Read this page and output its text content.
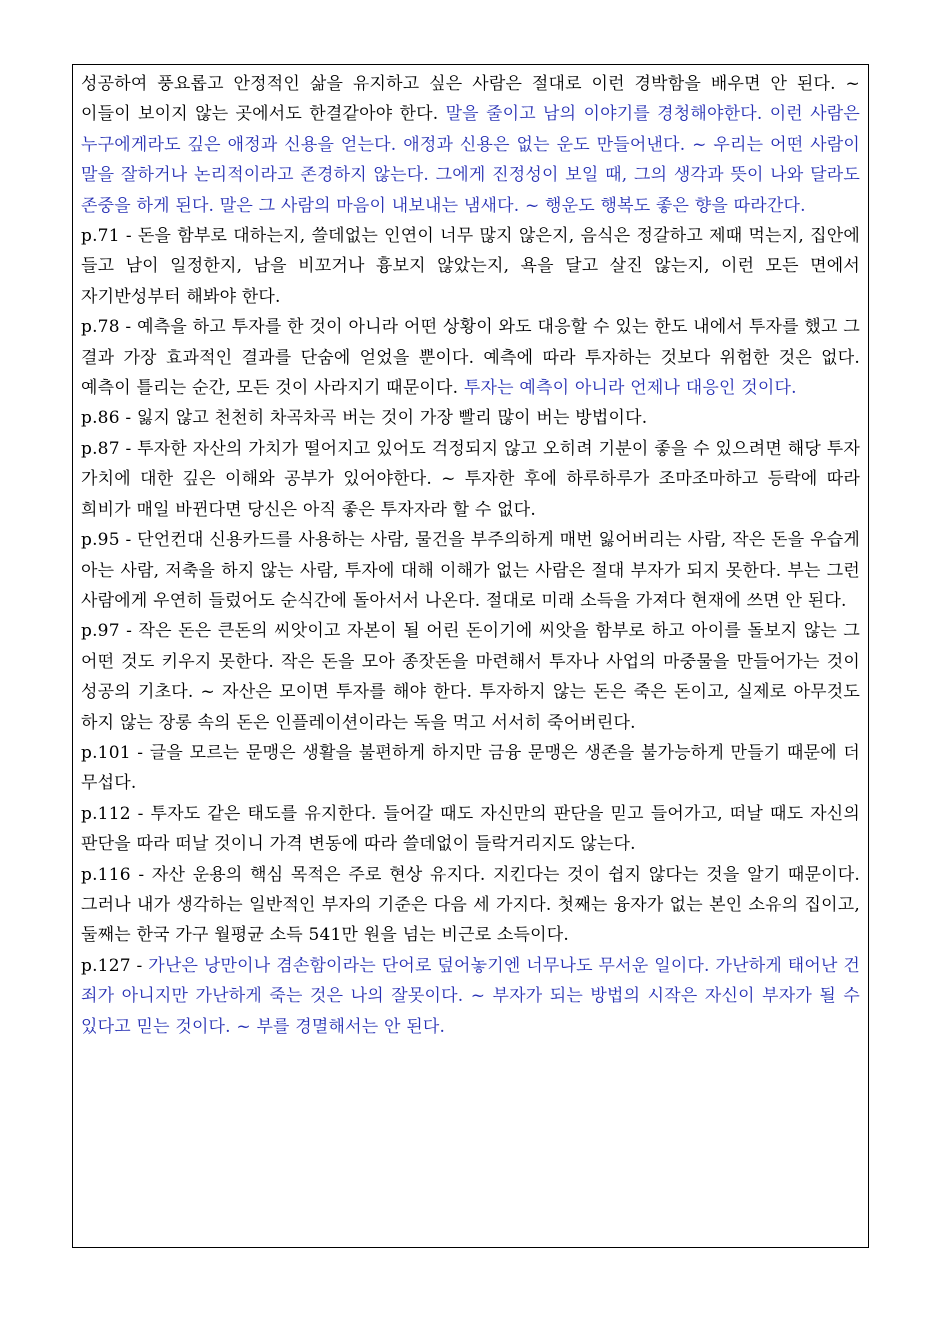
성공하여 풍요롭고 안정적인 삶을 유지하고 싶은 사람은 절대로 이런 경박함을 배우면 안 된다. ~ 이들이 보이지 않는 곳에서도 한결같아야 한다. 말을 줄이고 남의 이야기를 경청해야한다. 이런 사람은 누구에게라도 깊은 애정과 신용을 얻는다. 애정과 신용은 없는 운도 만들어낸다. ~ 우리는 어떤 사람이 말을 잘하거나 논리적이라고 존경하지 않는다. 그에게 진정성이 보일 때, 그의 생각과 뜻이 나와 달라도 존중을 하게 된다. 말은 그 사람의 마음이 내보내는 냄새다. ~ 행운도 행복도 좋은 향을 따라간다.

p.71 - 돈을 함부로 대하는지, 쓸데없는 인연이 너무 많지 않은지, 음식은 정갈하고 제때 먹는지, 집안에 들고 남이 일정한지, 남을 비꼬거나 흉보지 않았는지, 욕을 달고 살진 않는지, 이런 모든 면에서 자기반성부터 해봐야 한다.

p.78 - 예측을 하고 투자를 한 것이 아니라 어떤 상황이 와도 대응할 수 있는 한도 내에서 투자를 했고 그 결과 가장 효과적인 결과를 단숨에 얻었을 뿐이다. 예측에 따라 투자하는 것보다 위험한 것은 없다. 예측이 틀리는 순간, 모든 것이 사라지기 때문이다. 투자는 예측이 아니라 언제나 대응인 것이다.

p.86 - 잃지 않고 천천히 차곡차곡 버는 것이 가장 빨리 많이 버는 방법이다.

p.87 - 투자한 자산의 가치가 떨어지고 있어도 걱정되지 않고 오히려 기분이 좋을 수 있으려면 해당 투자 가치에 대한 깊은 이해와 공부가 있어야한다. ~ 투자한 후에 하루하루가 조마조마하고 등락에 따라 희비가 매일 바뀐다면 당신은 아직 좋은 투자자라 할 수 없다.

p.95 - 단언컨대 신용카드를 사용하는 사람, 물건을 부주의하게 매번 잃어버리는 사람, 작은 돈을 우습게 아는 사람, 저축을 하지 않는 사람, 투자에 대해 이해가 없는 사람은 절대 부자가 되지 못한다. 부는 그런 사람에게 우연히 들렀어도 순식간에 돌아서서 나온다. 절대로 미래 소득을 가져다 현재에 쓰면 안 된다.

p.97 - 작은 돈은 큰돈의 씨앗이고 자본이 될 어린 돈이기에 씨앗을 함부로 하고 아이를 돌보지 않는 그 어떤 것도 키우지 못한다. 작은 돈을 모아 종잣돈을 마련해서 투자나 사업의 마중물을 만들어가는 것이 성공의 기초다. ~ 자산은 모이면 투자를 해야 한다. 투자하지 않는 돈은 죽은 돈이고, 실제로 아무것도 하지 않는 장롱 속의 돈은 인플레이션이라는 독을 먹고 서서히 죽어버린다.

p.101 - 글을 모르는 문맹은 생활을 불편하게 하지만 금융 문맹은 생존을 불가능하게 만들기 때문에 더 무섭다.

p.112 - 투자도 같은 태도를 유지한다. 들어갈 때도 자신만의 판단을 믿고 들어가고, 떠날 때도 자신의 판단을 따라 떠날 것이니 가격 변동에 따라 쓸데없이 들락거리지도 않는다.

p.116 - 자산 운용의 핵심 목적은 주로 현상 유지다. 지킨다는 것이 쉽지 않다는 것을 알기 때문이다. 그러나 내가 생각하는 일반적인 부자의 기준은 다음 세 가지다. 첫째는 융자가 없는 본인 소유의 집이고, 둘째는 한국 가구 월평균 소득 541만 원을 넘는 비근로 소득이다.

p.127 - 가난은 낭만이나 겸손함이라는 단어로 덮어놓기엔 너무나도 무서운 일이다. 가난하게 태어난 건 죄가 아니지만 가난하게 죽는 것은 나의 잘못이다. ~ 부자가 되는 방법의 시작은 자신이 부자가 될 수 있다고 믿는 것이다. ~ 부를 경멸해서는 안 된다.
